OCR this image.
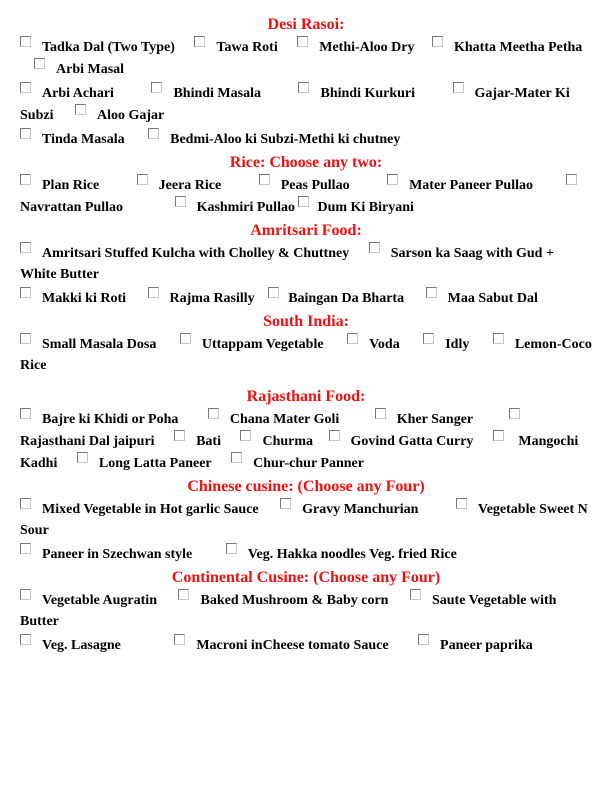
Desi Rasoi:
Tadka Dal (Two Type)	Tawa Roti	Methi-Aloo Dry	Khatta Meetha Petha Arbi Masal
Arbi Achari	Bhindi Masala	Bhindi Kurkuri	Gajar-Mater Ki Subzi	Aloo Gajar
Tinda Masala	Bedmi-Aloo ki Subzi-Methi ki chutney
Rice: Choose any two:
Plan Rice	Jeera Rice	Peas Pullao	Mater Paneer Pullao  Navrattan Pullao	Kashmiri Pullao Dum Ki Biryani
Amritsari Food:
Amritsari Stuffed Kulcha with Cholley & Chuttney	Sarson ka Saag with Gud + White Butter
Makki ki Roti	Rajma Rasilly Baingan Da Bharta	Maa Sabut Dal
South India:
Small Masala Dosa	Uttappam Vegetable	Voda	Idly	Lemon-Coco Rice
Rajasthani Food:
Bajre ki Khidi or Poha	Chana Mater Goli	Kher Sanger  Rajasthani Dal jaipuri	Bati	Churma	Govind Gatta Curry	Mangochi Kadhi	Long Latta Paneer	Chur-chur Panner
Chinese cusine: (Choose any Four)
Mixed Vegetable in Hot garlic Sauce	Gravy Manchurian	Vegetable Sweet N Sour
Paneer in Szechwan style	Veg. Hakka noodles Veg. fried Rice
Continental Cusine: (Choose any Four)
Vegetable Augratin	Baked Mushroom & Baby corn	Saute Vegetable with Butter
Veg. Lasagne	Macroni inCheese tomato Sauce	Paneer paprika
